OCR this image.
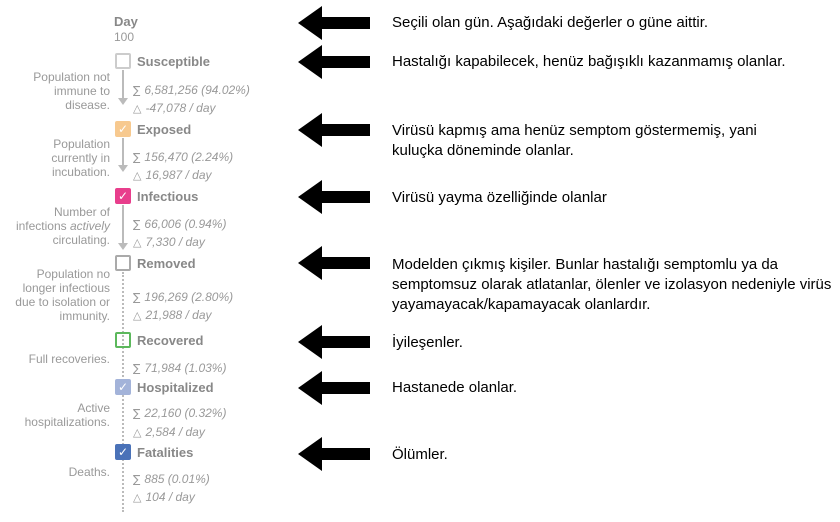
Day
100
Susceptible
Population not
immune to
disease.
∑ 6,581,256 (94.02%)
△ -47,078 / day
✓ Exposed
Population
currently in
incubation.
∑ 156,470 (2.24%)
△ 16,987 / day
✓ Infectious
Number of
infections actively
circulating.
∑ 66,006 (0.94%)
△ 7,330 / day
Removed
Population no
longer infectious
due to isolation or
immunity.
∑ 196,269 (2.80%)
△ 21,988 / day
Recovered
Full recoveries.
∑ 71,984 (1.03%)
✓ Hospitalized
Active
hospitalizations.
∑ 22,160 (0.32%)
△ 2,584 / day
✓ Fatalities
Deaths.
∑ 885 (0.01%)
△ 104 / day
Seçili olan gün. Aşağıdaki değerler o güne aittir.
Hastalığı kapabilecek, henüz bağışıklı kazanmamış olanlar.
Virüsü kapmış ama henüz semptom göstermemiş, yani kuluçka döneminde olanlar.
Virüsü yayma özelliğinde olanlar
Modelden çıkmış kişiler. Bunlar hastalığı semptomlu ya da semptomsuz olarak atlatanlar, ölenler ve izolasyon nedeniyle virüs yayamayacak/kapamayacak olanlardır.
İyileşenler.
Hastanede olanlar.
Ölümler.
